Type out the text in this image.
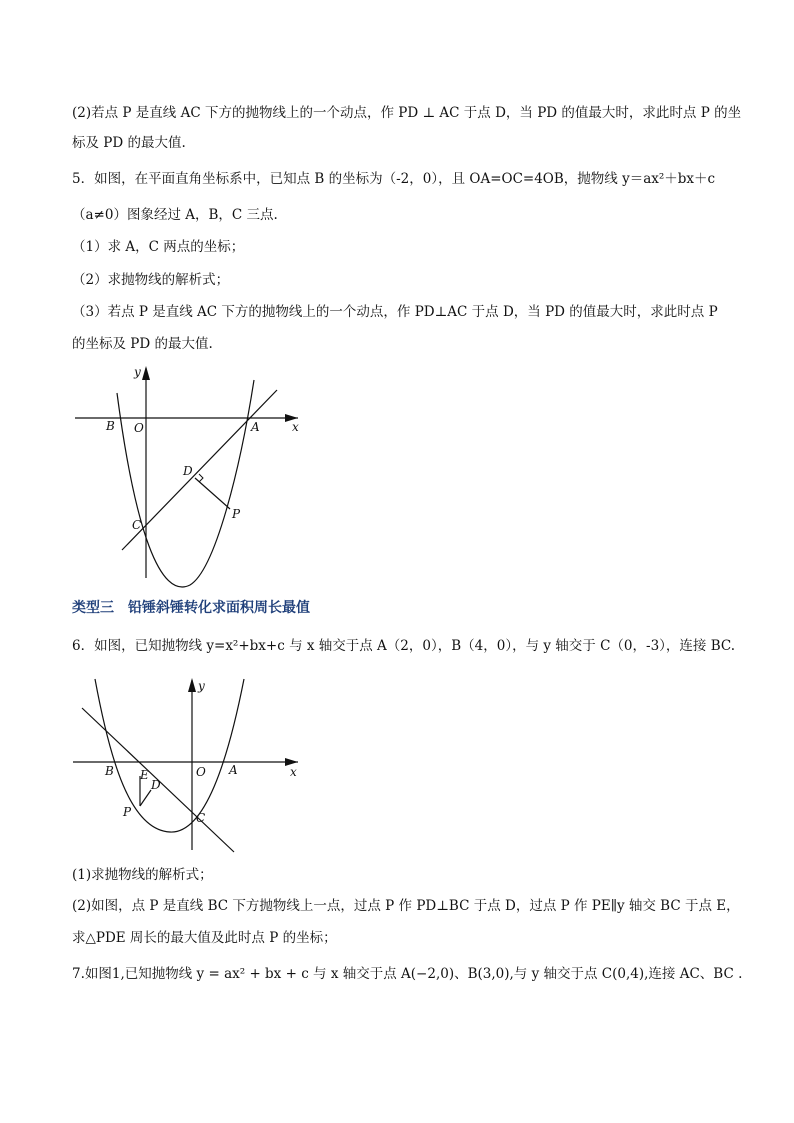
(2)若点 P 是直线 AC 下方的抛物线上的一个动点，作 PD ⊥ AC 于点 D，当 PD 的值最大时，求此时点 P 的坐
标及 PD 的最大值.
5．如图，在平面直角坐标系中，已知点 B 的坐标为（-2，0），且 OA=OC=4OB，抛物线 y＝ax²＋bx＋c
（a≠0）图象经过 A，B，C 三点.
（1）求 A，C 两点的坐标；
（2）求抛物线的解析式；
（3）若点 P 是直线 AC 下方的抛物线上的一个动点，作 PD⊥AC 于点 D，当 PD 的值最大时，求此时点 P
的坐标及 PD 的最大值.
y
x
B O	A
D
C
P
类型三　铅锤斜锤转化求面积周长最值
6．如图，已知抛物线 y=x²+bx+c 与 x 轴交于点 A（2，0），B（4，0），与 y 轴交于 C（0，-3），连接 BC.
y
x
B	O A
E
D
P	C
(1)求抛物线的解析式；
(2)如图，点 P 是直线 BC 下方抛物线上一点，过点 P 作 PD⊥BC 于点 D，过点 P 作 PE∥y 轴交 BC 于点 E，
求△PDE 周长的最大值及此时点 P 的坐标；
7.如图1,已知抛物线 y = ax² + bx + c 与 x 轴交于点 A(−2,0)、B(3,0),与 y 轴交于点 C(0,4),连接 AC、BC .
